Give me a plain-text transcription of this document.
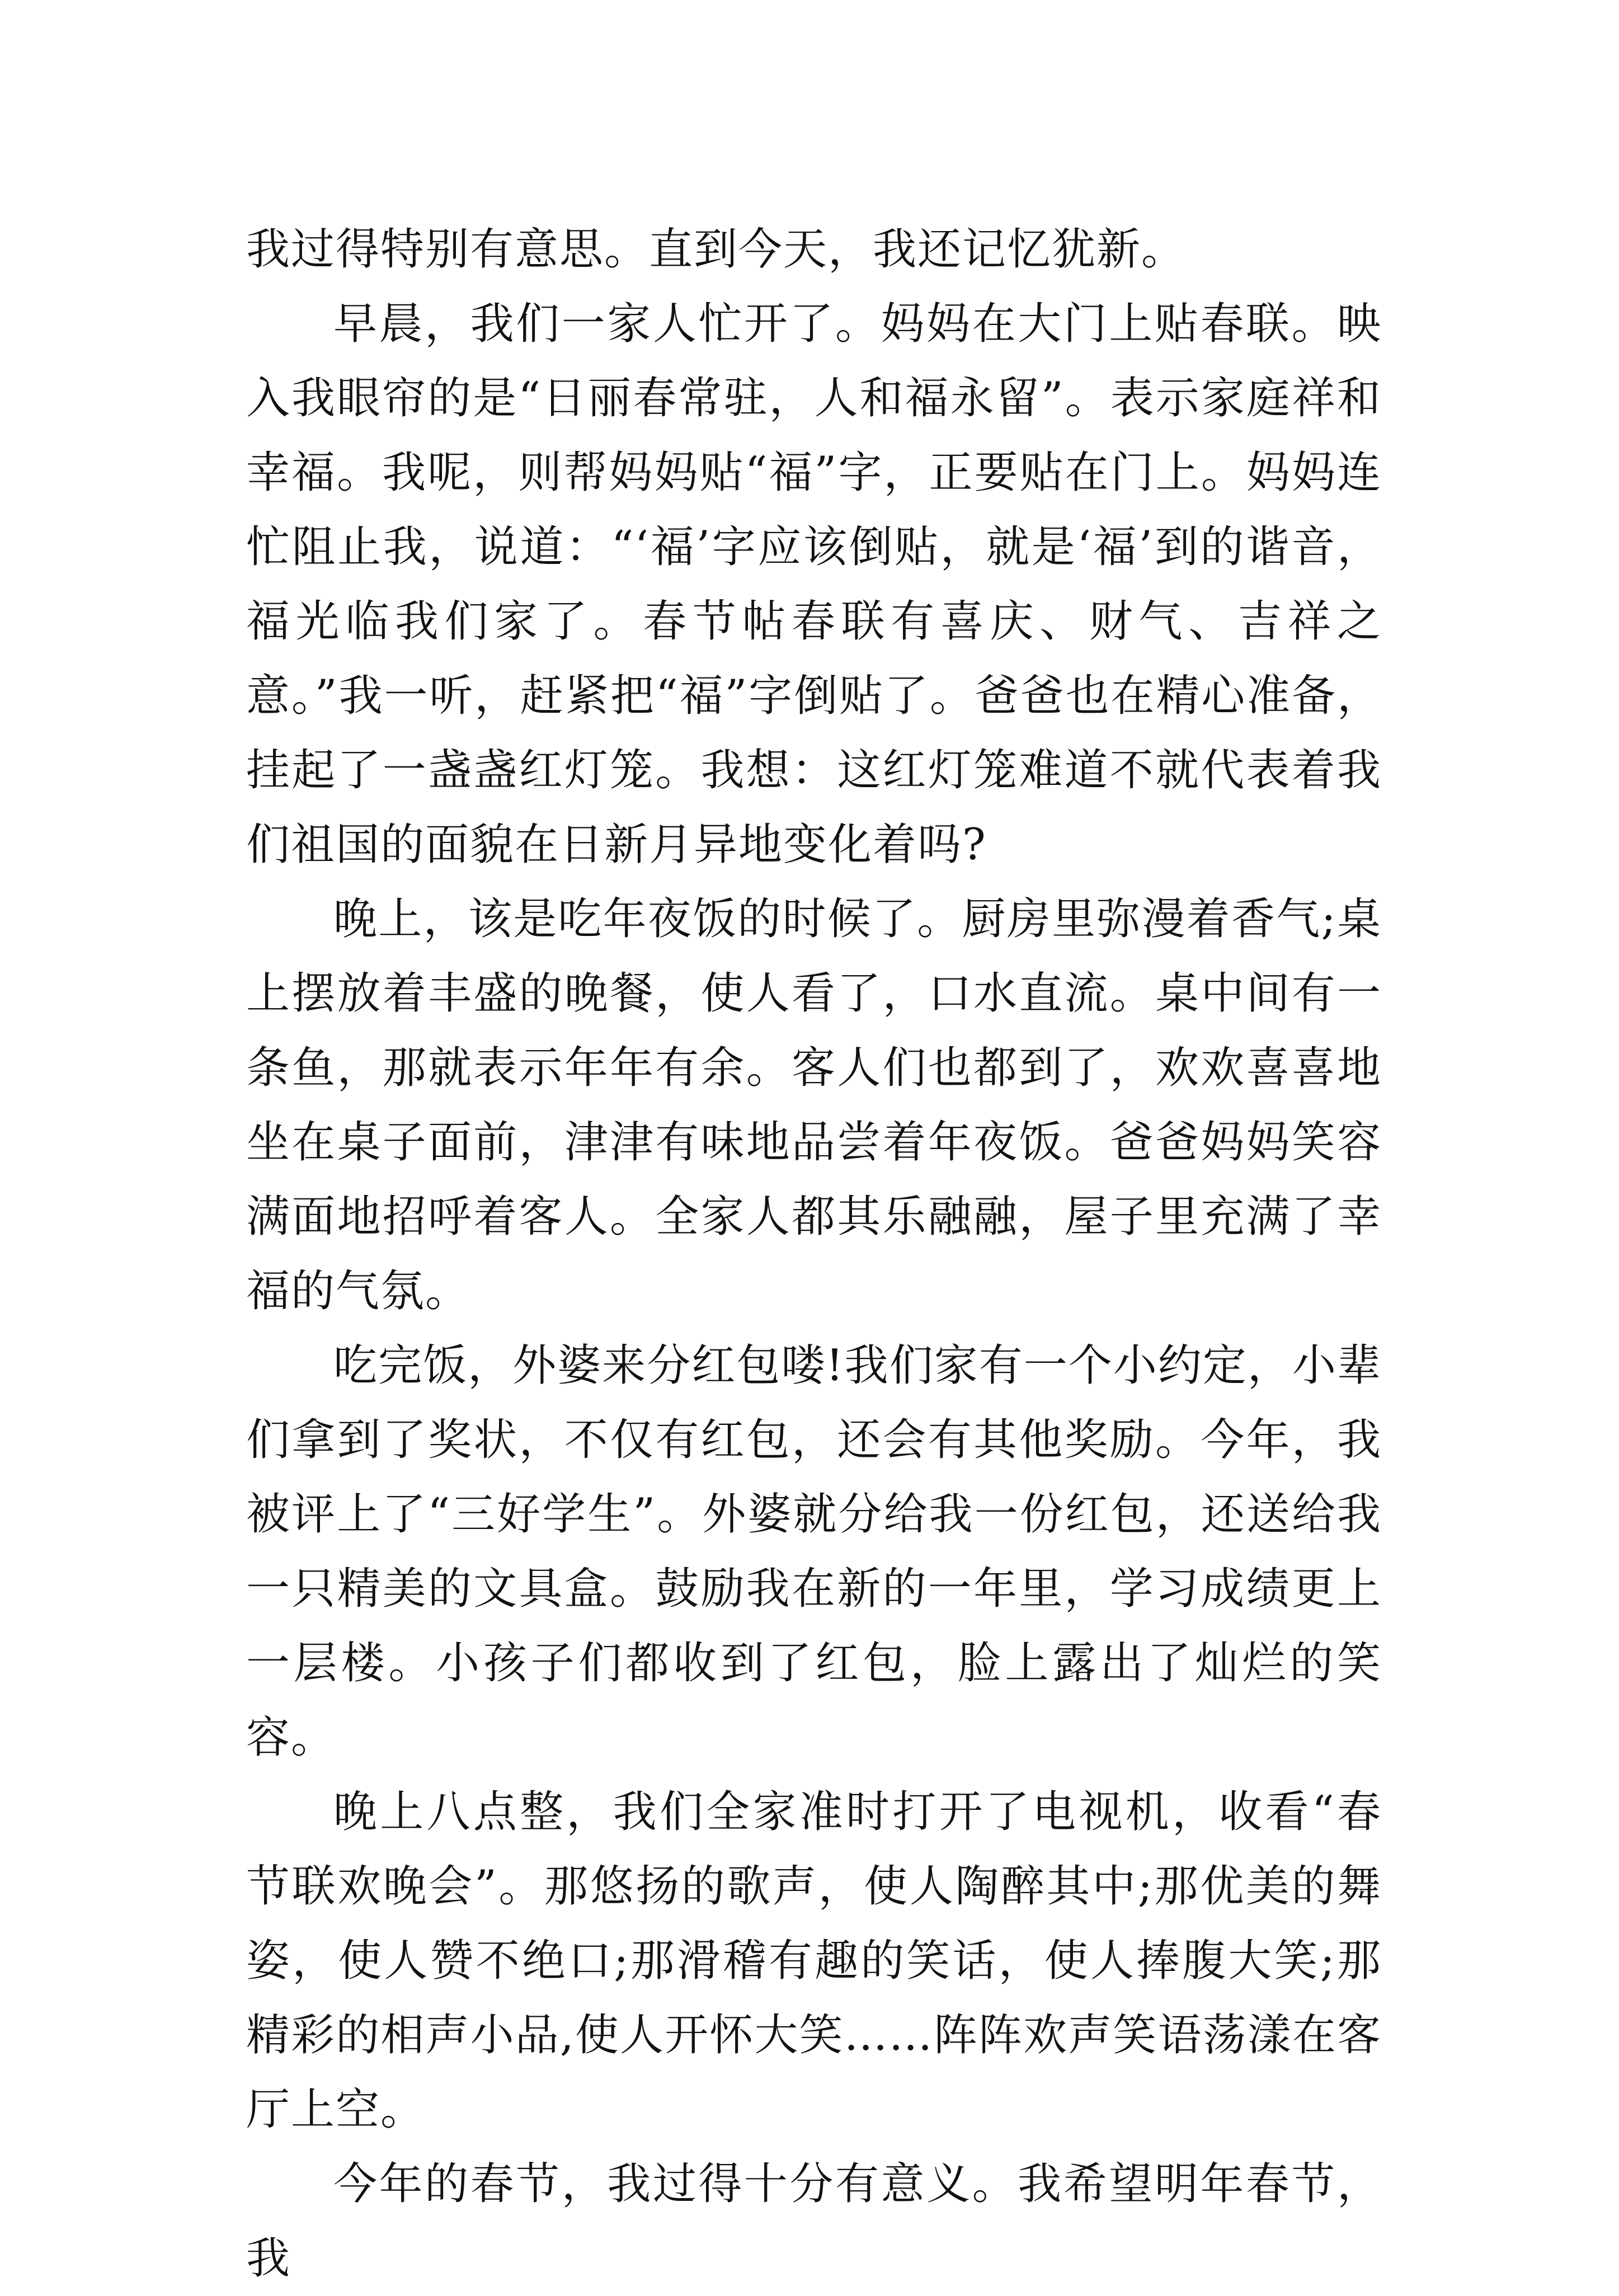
我过得特别有意思。直到今天，我还记忆犹新。

早晨，我们一家人忙开了。妈妈在大门上贴春联。映入我眼帘的是“日丽春常驻，人和福永留”。表示家庭祥和幸福。我呢，则帮妈妈贴“福”字，正要贴在门上。妈妈连忙阻止我，说道：“‘福’字应该倒贴，就是‘福’到的谐音，福光临我们家了。春节帖春联有喜庆、财气、吉祥之意。”我一听，赶紧把“福”字倒贴了。爸爸也在精心准备，挂起了一盏盏红灯笼。我想：这红灯笼难道不就代表着我们祖国的面貌在日新月异地变化着吗?

晚上，该是吃年夜饭的时候了。厨房里弥漫着香气;桌上摆放着丰盛的晚餐，使人看了，口水直流。桌中间有一条鱼，那就表示年年有余。客人们也都到了，欢欢喜喜地坐在桌子面前，津津有味地品尝着年夜饭。爸爸妈妈笑容满面地招呼着客人。全家人都其乐融融，屋子里充满了幸福的气氛。

吃完饭，外婆来分红包喽!我们家有一个小约定，小辈们拿到了奖状，不仅有红包，还会有其他奖励。今年，我被评上了“三好学生”。外婆就分给我一份红包，还送给我一只精美的文具盒。鼓励我在新的一年里，学习成绩更上一层楼。小孩子们都收到了红包，脸上露出了灿烂的笑容。

晚上八点整，我们全家准时打开了电视机，收看“春节联欢晚会”。那悠扬的歌声，使人陶醉其中;那优美的舞姿，使人赞不绝口;那滑稽有趣的笑话，使人捧腹大笑;那精彩的相声小品,使人开怀大笑……阵阵欢声笑语荡漾在客厅上空。

今年的春节，我过得十分有意义。我希望明年春节，我
